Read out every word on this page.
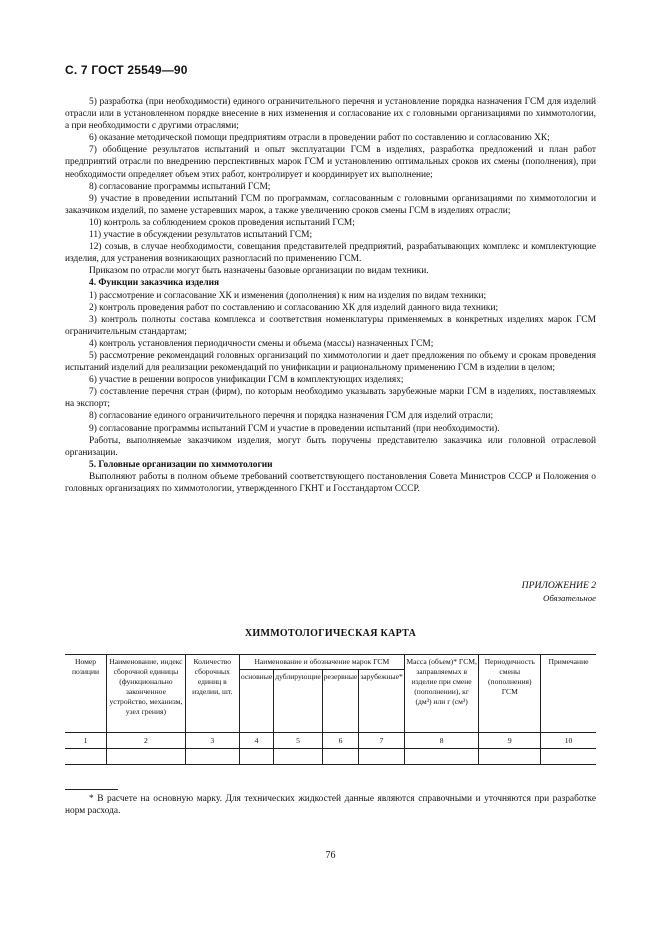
С. 7 ГОСТ 25549—90

5) разработка (при необходимости) единого ограничительного перечня и установление порядка назначения ГСМ для изделий отрасли или в установленном порядке внесение в них изменения и согласование их с головными организациями по химмотологии, а при необходимости с другими отраслями;

6) оказание методической помощи предприятиям отрасли в проведении работ по составлению и согласованию ХК;

7) обобщение результатов испытаний и опыт эксплуатации ГСМ в изделиях, разработка предложений и план работ предприятий отрасли по внедрению перспективных марок ГСМ и установлению оптимальных сроков их смены (пополнения), при необходимости определяет объем этих работ, контролирует и координирует их выполнение;

8) согласование программы испытаний ГСМ;

9) участие в проведении испытаний ГСМ по программам, согласованным с головными организациями по химмотологии и заказчиком изделий, по замене устаревших марок, а также увеличению сроков смены ГСМ в изделиях отрасли;

10) контроль за соблюдением сроков проведения испытаний ГСМ;

11) участие в обсуждении результатов испытаний ГСМ;

12) созыв, в случае необходимости, совещания представителей предприятий, разрабатывающих комплекс и комплектующие изделия, для устранения возникающих разногласий по применению ГСМ.

Приказом по отрасли могут быть назначены базовые организации по видам техники.

4. Функции заказчика изделия

1) рассмотрение и согласование ХК и изменения (дополнения) к ним на изделия по видам техники;

2) контроль проведения работ по составлению и согласованию ХК для изделий данного вида техники;

3) контроль полноты состава комплекса и соответствия номенклатуры применяемых в конкретных изделиях марок ГСМ ограничительным стандартам;

4) контроль установления периодичности смены и объема (массы) назначенных ГСМ;

5) рассмотрение рекомендаций головных организаций по химмотологии и дает предложения по объему и срокам проведения испытаний изделий для реализации рекомендаций по унификации и рациональному применению ГСМ в изделии в целом;

6) участие в решении вопросов унификации ГСМ в комплектующих изделиях;

7) составление перечня стран (фирм), по которым необходимо указывать зарубежные марки ГСМ в изделиях, поставляемых на экспорт;

8) согласование единого ограничительного перечня и порядка назначения ГСМ для изделий отрасли;

9) согласование программы испытаний ГСМ и участие в проведении испытаний (при необходимости).

Работы, выполняемые заказчиком изделия, могут быть поручены представителю заказчика или головной отраслевой организации.

5. Головные организации по химмотологии

Выполняют работы в полном объеме требований соответствующего постановления Совета Министров СССР и Положения о головных организациях по химмотологии, утвержденного ГКНТ и Госстандартом СССР.

ПРИЛОЖЕНИЕ 2
Обязательное
ХИММОТОЛОГИЧЕСКАЯ КАРТА
Номер позиции	Наименование, индекс сборочной единицы (функционально законченное устройство, механизм, узел грения)	Количество сборочных единиц в изделии, шт.	Наименование и обозначение марок ГСМ				Масса (объем)* ГСМ, заправляемых в изделие при смене (пополнении), кг (дм³) или г (см³)	Периодичность смены (пополнения) ГСМ	Примечание
			основные	дублирующие	резервные	зарубежные*			
1	2	3	4	5	6	7	8	9	10

* В расчете на основную марку. Для технических жидкостей данные являются справочными и уточняются при разработке норм расхода.
76
